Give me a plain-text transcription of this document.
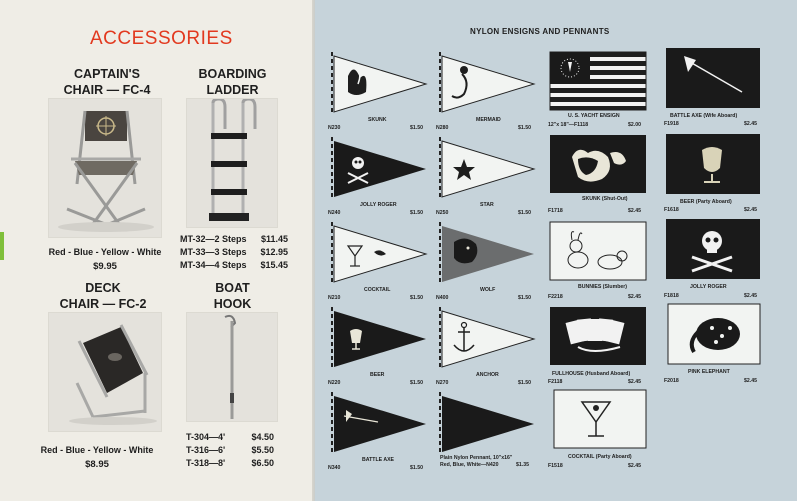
ACCESSORIES
CAPTAIN'S
CHAIR — FC-4
Red - Blue - Yellow - White
$9.95
BOARDING
LADDER
MT-32—2 Steps $11.45
MT-33—3 Steps $12.95
MT-34—4 Steps $15.45
DECK
CHAIR — FC-2
Red - Blue - Yellow - White
$8.95
BOAT
HOOK
T-304—4'	$4.50
T-316—6'	$5.50
T-318—8'	$6.50
NYLON ENSIGNS AND PENNANTS
SKUNK
N230	$1.50
JOLLY ROGER
N240	$1.50
COCKTAIL
N210	$1.50
BEER
N220	$1.50
BATTLE AXE
N340	$1.50
MERMAID
N280	$1.50
STAR
N250	$1.50
WOLF
N400	$1.50
ANCHOR
N270	$1.50
Plain Nylon Pennant, 10"x16"
Red, Blue, White—N420	$1.35
U. S. YACHT ENSIGN
12"x 18"—F1118	$2.00
SKUNK (Shut-Out)
F1718	$2.45
BUNNIES (Slumber)
F2218	$2.45
FULLHOUSE (Husband Aboard)
F2118	$2.45
COCKTAIL (Party Aboard)
F1518	$2.45
BATTLE AXE (Wife Aboard)
F1918	$2.45
BEER (Party Aboard)
F1618	$2.45
JOLLY ROGER
F1818	$2.45
PINK ELEPHANT
F2018	$2.45
